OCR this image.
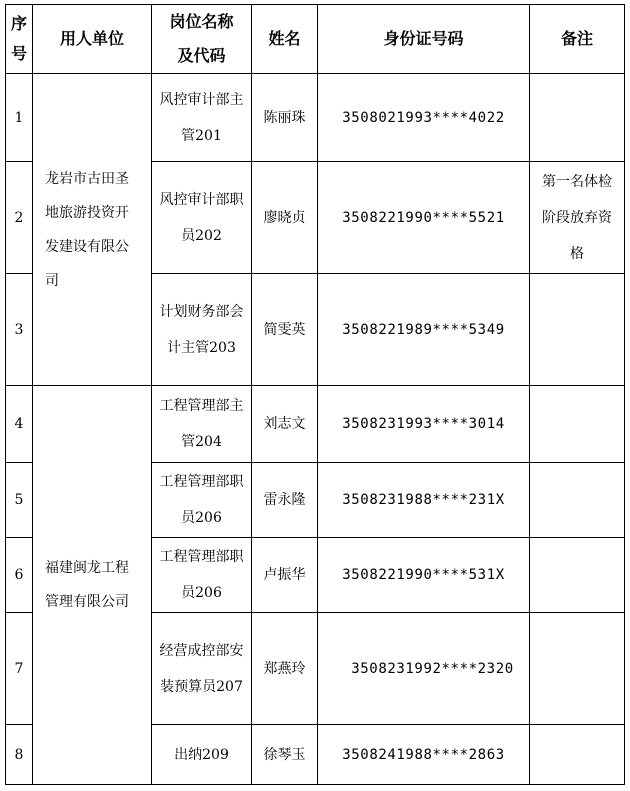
序号	用人单位	岗位名称及代码	姓名	身份证号码	备注
1	龙岩市古田圣地旅游投资开发建设有限公司	风控审计部主管201	陈丽珠	3508021993****4022	
2		风控审计部职员202	廖晓贞	3508221990****5521	第一名体检阶段放弃资格
3		计划财务部会计主管203	简雯英	3508221989****5349	
4	福建闽龙工程管理有限公司	工程管理部主管204	刘志文	3508231993****3014	
5		工程管理部职员206	雷永隆	3508231988****231X	
6		工程管理部职员206	卢振华	3508221990****531X	
7		经营成控部安装预算员207	郑燕玲	3508231992****2320	
8		出纳209	徐琴玉	3508241988****2863	
